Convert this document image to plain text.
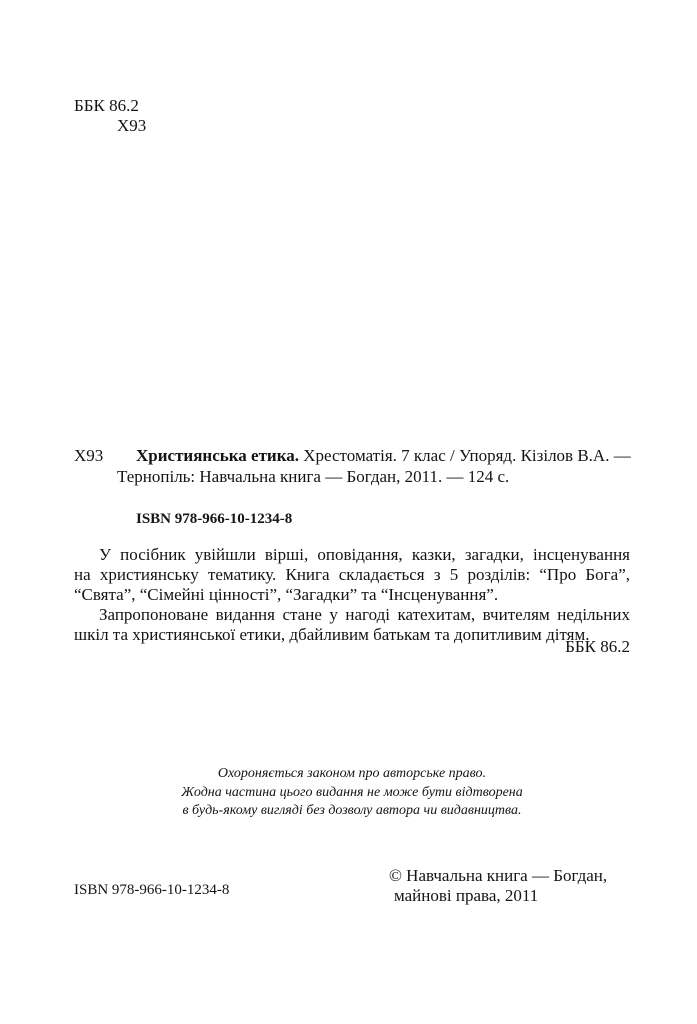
ББК 86.2
Х93
Х93 Християнська етика. Хрестоматія. 7 клас / Упоряд. Кізілов В.А. —
Тернопіль: Навчальна книга — Богдан, 2011. — 124 с.
ISBN 978-966-10-1234-8
У посібник увійшли вірші, оповідання, казки, загадки, інсценування
на християнську тематику. Книга складається з 5 розділів: “Про Бога”,
“Свята”, “Сімейні цінності”, “Загадки” та “Інсценування”.
Запропоноване видання стане у нагоді катехитам, вчителям недільних
шкіл та християнської етики, дбайливим батькам та допитливим дітям.
ББК 86.2
Охороняється законом про авторське право.
Жодна частина цього видання не може бути відтворена
в будь-якому вигляді без дозволу автора чи видавництва.
ISBN 978-966-10-1234-8
© Навчальна книга — Богдан,
майнові права, 2011
